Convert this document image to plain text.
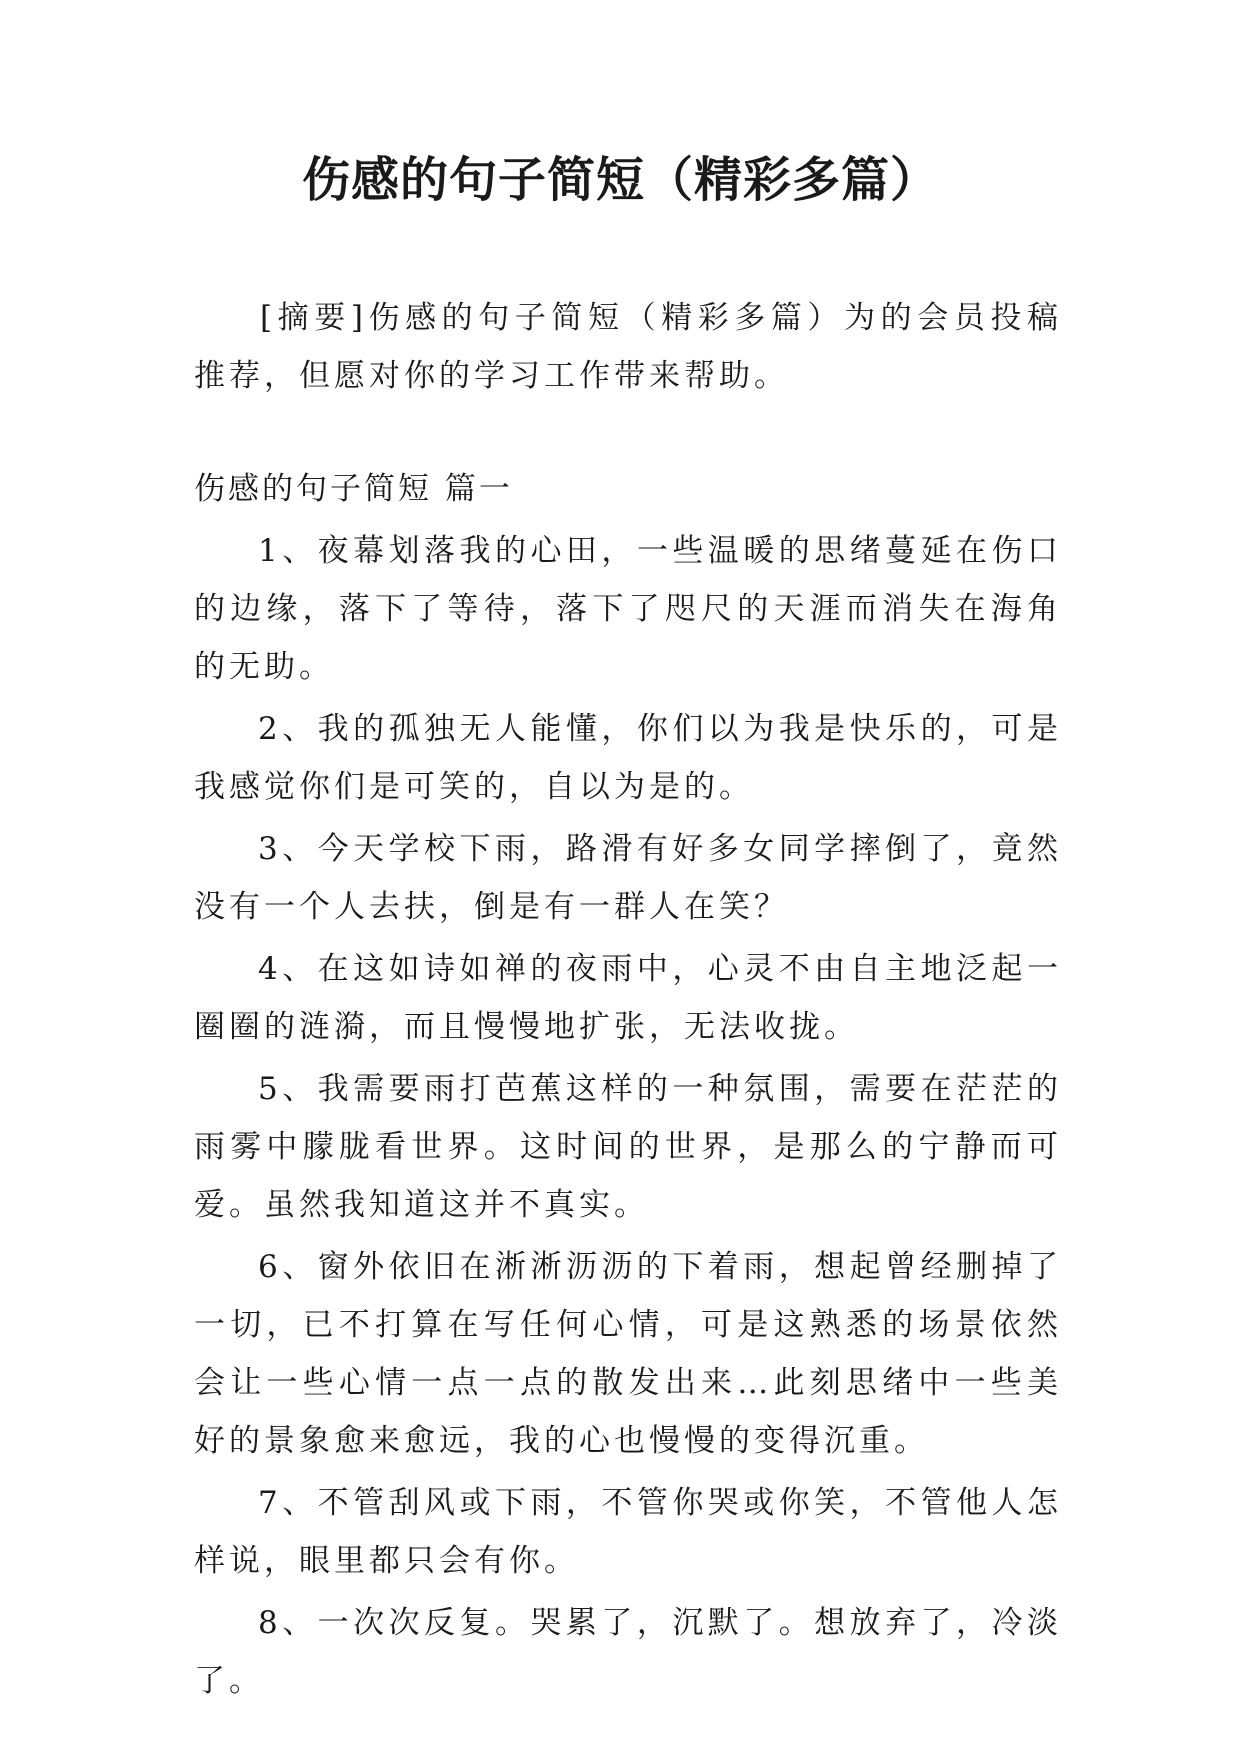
伤感的句子简短（精彩多篇）

[摘要]伤感的句子简短（精彩多篇）为的会员投稿推荐，但愿对你的学习工作带来帮助。

伤感的句子简短 篇一

1、夜幕划落我的心田，一些温暖的思绪蔓延在伤口的边缘，落下了等待，落下了咫尺的天涯而消失在海角的无助。

2、我的孤独无人能懂，你们以为我是快乐的，可是我感觉你们是可笑的，自以为是的。

3、今天学校下雨，路滑有好多女同学摔倒了，竟然没有一个人去扶，倒是有一群人在笑？

4、在这如诗如禅的夜雨中，心灵不由自主地泛起一圈圈的涟漪，而且慢慢地扩张，无法收拢。

5、我需要雨打芭蕉这样的一种氛围，需要在茫茫的雨雾中朦胧看世界。这时间的世界，是那么的宁静而可爱。虽然我知道这并不真实。

6、窗外依旧在淅淅沥沥的下着雨，想起曾经删掉了一切，已不打算在写任何心情，可是这熟悉的场景依然会让一些心情一点一点的散发出来…此刻思绪中一些美好的景象愈来愈远，我的心也慢慢的变得沉重。

7、不管刮风或下雨，不管你哭或你笑，不管他人怎样说，眼里都只会有你。

8、一次次反复。哭累了，沉默了。想放弃了，冷淡了。
